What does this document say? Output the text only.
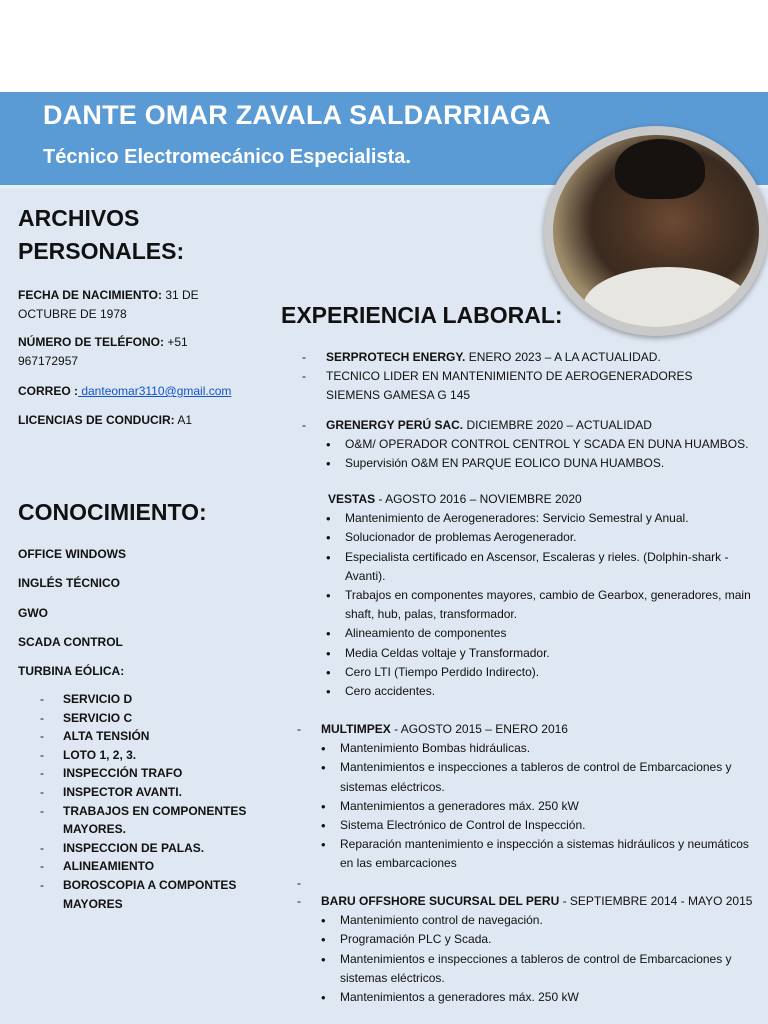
DANTE OMAR ZAVALA SALDARRIAGA
Técnico Electromecánico Especialista.
ARCHIVOS
PERSONALES:
FECHA DE NACIMIENTO: 31 DE OCTUBRE DE 1978
NÚMERO DE TELÉFONO: +51 967172957
CORREO : danteomar3110@gmail.com
LICENCIAS DE CONDUCIR: A1
CONOCIMIENTO:
OFFICE WINDOWS
INGLÉS TÉCNICO
GWO
SCADA CONTROL
TURBINA EÓLICA:
- SERVICIO D
- SERVICIO C
- ALTA TENSIÓN
- LOTO 1, 2, 3.
- INSPECCIÓN TRAFO
- INSPECTOR AVANTI.
- TRABAJOS EN COMPONENTES MAYORES.
- INSPECCION DE PALAS.
- ALINEAMIENTO
- BOROSCOPIA A COMPONTES MAYORES
EXPERIENCIA LABORAL:
- SERPROTECH ENERGY. ENERO 2023 – A LA ACTUALIDAD.
- TECNICO LIDER EN MANTENIMIENTO DE AEROGENERADORES SIEMENS GAMESA G 145
- GRENERGY PERÚ SAC. DICIEMBRE 2020 – ACTUALIDAD
• O&M/ OPERADOR CONTROL CENTROL Y SCADA EN DUNA HUAMBOS.
• Supervisión O&M EN PARQUE EOLICO DUNA HUAMBOS.
VESTAS - AGOSTO 2016 – NOVIEMBRE 2020
• Mantenimiento de Aerogeneradores: Servicio Semestral y Anual.
• Solucionador de problemas Aerogenerador.
• Especialista certificado en Ascensor, Escaleras y rieles. (Dolphin-shark - Avanti).
• Trabajos en componentes mayores, cambio de Gearbox, generadores, main shaft, hub, palas, transformador.
• Alineamiento de componentes
• Media Celdas voltaje y Transformador.
• Cero LTI (Tiempo Perdido Indirecto).
• Cero accidentes.
- MULTIMPEX - AGOSTO 2015 – ENERO 2016
• Mantenimiento Bombas hidráulicas.
• Mantenimientos e inspecciones a tableros de control de Embarcaciones y sistemas eléctricos.
• Mantenimientos a generadores máx. 250 kW
• Sistema Electrónico de Control de Inspección.
• Reparación mantenimiento e inspección a sistemas hidráulicos y neumáticos en las embarcaciones
-
- BARU OFFSHORE SUCURSAL DEL PERU - SEPTIEMBRE 2014 - MAYO 2015
• Mantenimiento control de navegación.
• Programación PLC y Scada.
• Mantenimientos e inspecciones a tableros de control de Embarcaciones y sistemas eléctricos.
• Mantenimientos a generadores máx. 250 kW
